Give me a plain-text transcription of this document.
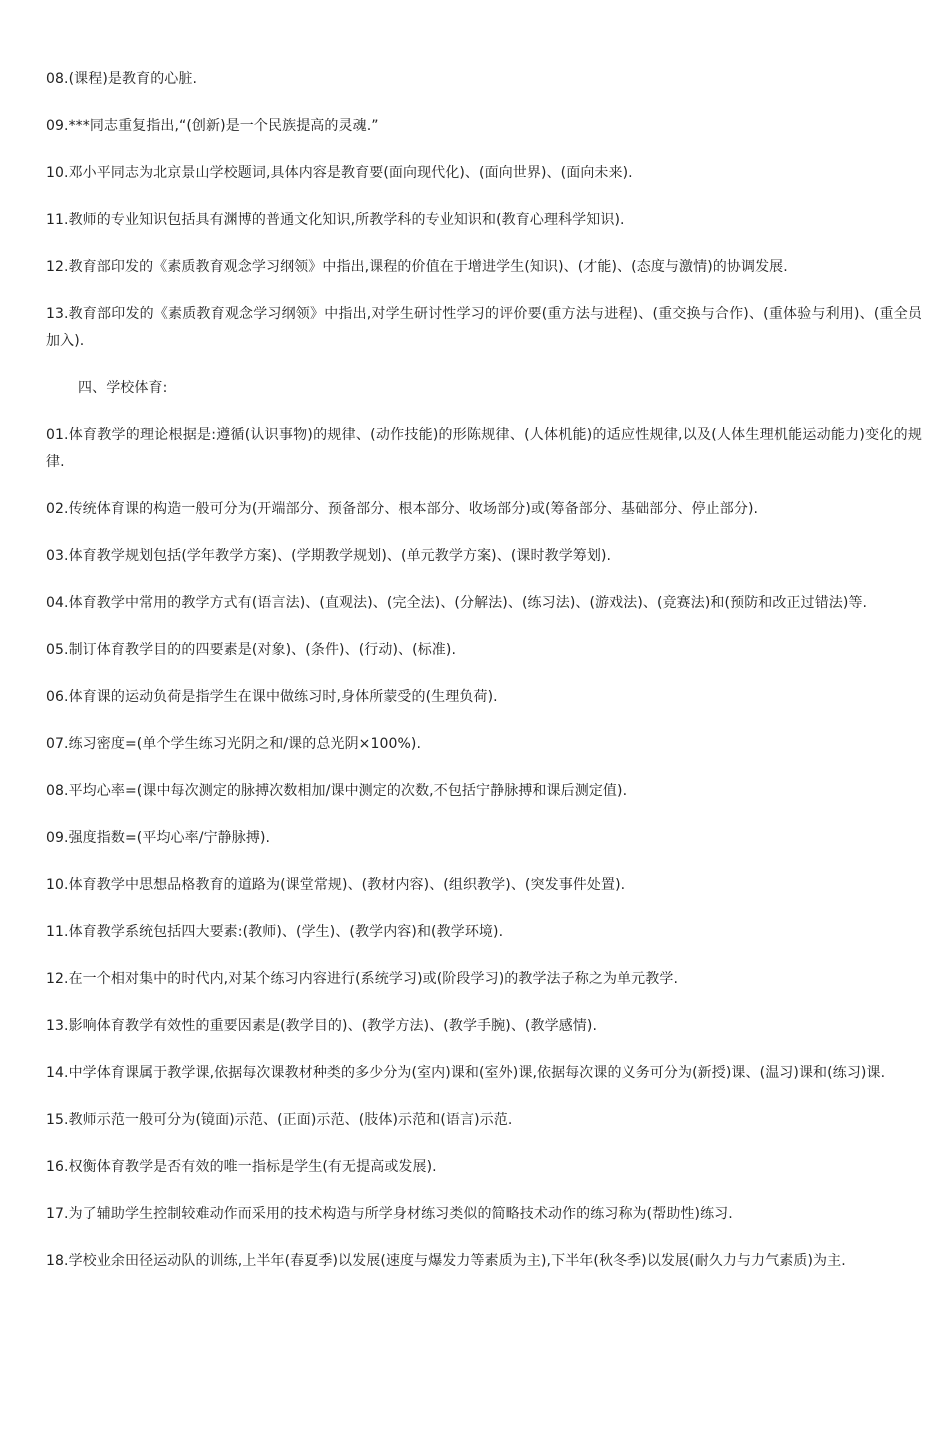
08.(课程)是教育的心脏.

09.***同志重复指出,“(创新)是一个民族提高的灵魂.”

10.邓小平同志为北京景山学校题词,具体内容是教育要(面向现代化)、(面向世界)、(面向未来).

11.教师的专业知识包括具有渊博的普通文化知识,所教学科的专业知识和(教育心理科学知识).

12.教育部印发的《素质教育观念学习纲领》中指出,课程的价值在于增进学生(知识)、(才能)、(态度与激情)的协调发展.

13.教育部印发的《素质教育观念学习纲领》中指出,对学生研讨性学习的评价要(重方法与进程)、(重交换与合作)、(重体验与利用)、(重全员加入).

四、学校体育:

01.体育教学的理论根据是:遵循(认识事物)的规律、(动作技能)的形陈规律、(人体机能)的适应性规律,以及(人体生理机能运动能力)变化的规律.

02.传统体育课的构造一般可分为(开端部分、预备部分、根本部分、收场部分)或(筹备部分、基础部分、停止部分).

03.体育教学规划包括(学年教学方案)、(学期教学规划)、(单元教学方案)、(课时教学筹划).

04.体育教学中常用的教学方式有(语言法)、(直观法)、(完全法)、(分解法)、(练习法)、(游戏法)、(竞赛法)和(预防和改正过错法)等.

05.制订体育教学目的的四要素是(对象)、(条件)、(行动)、(标准).

06.体育课的运动负荷是指学生在课中做练习时,身体所蒙受的(生理负荷).

07.练习密度=(单个学生练习光阴之和/课的总光阴×100%).

08.平均心率=(课中每次测定的脉搏次数相加/课中测定的次数,不包括宁静脉搏和课后测定值).

09.强度指数=(平均心率/宁静脉搏).

10.体育教学中思想品格教育的道路为(课堂常规)、(教材内容)、(组织教学)、(突发事件处置).

11.体育教学系统包括四大要素:(教师)、(学生)、(教学内容)和(教学环境).

12.在一个相对集中的时代内,对某个练习内容进行(系统学习)或(阶段学习)的教学法子称之为单元教学.

13.影响体育教学有效性的重要因素是(教学目的)、(教学方法)、(教学手腕)、(教学感情).

14.中学体育课属于教学课,依据每次课教材种类的多少分为(室内)课和(室外)课,依据每次课的义务可分为(新授)课、(温习)课和(练习)课.

15.教师示范一般可分为(镜面)示范、(正面)示范、(肢体)示范和(语言)示范.

16.权衡体育教学是否有效的唯一指标是学生(有无提高或发展).

17.为了辅助学生控制较难动作而采用的技术构造与所学身材练习类似的简略技术动作的练习称为(帮助性)练习.

18.学校业余田径运动队的训练,上半年(春夏季)以发展(速度与爆发力等素质为主),下半年(秋冬季)以发展(耐久力与力气素质)为主.
